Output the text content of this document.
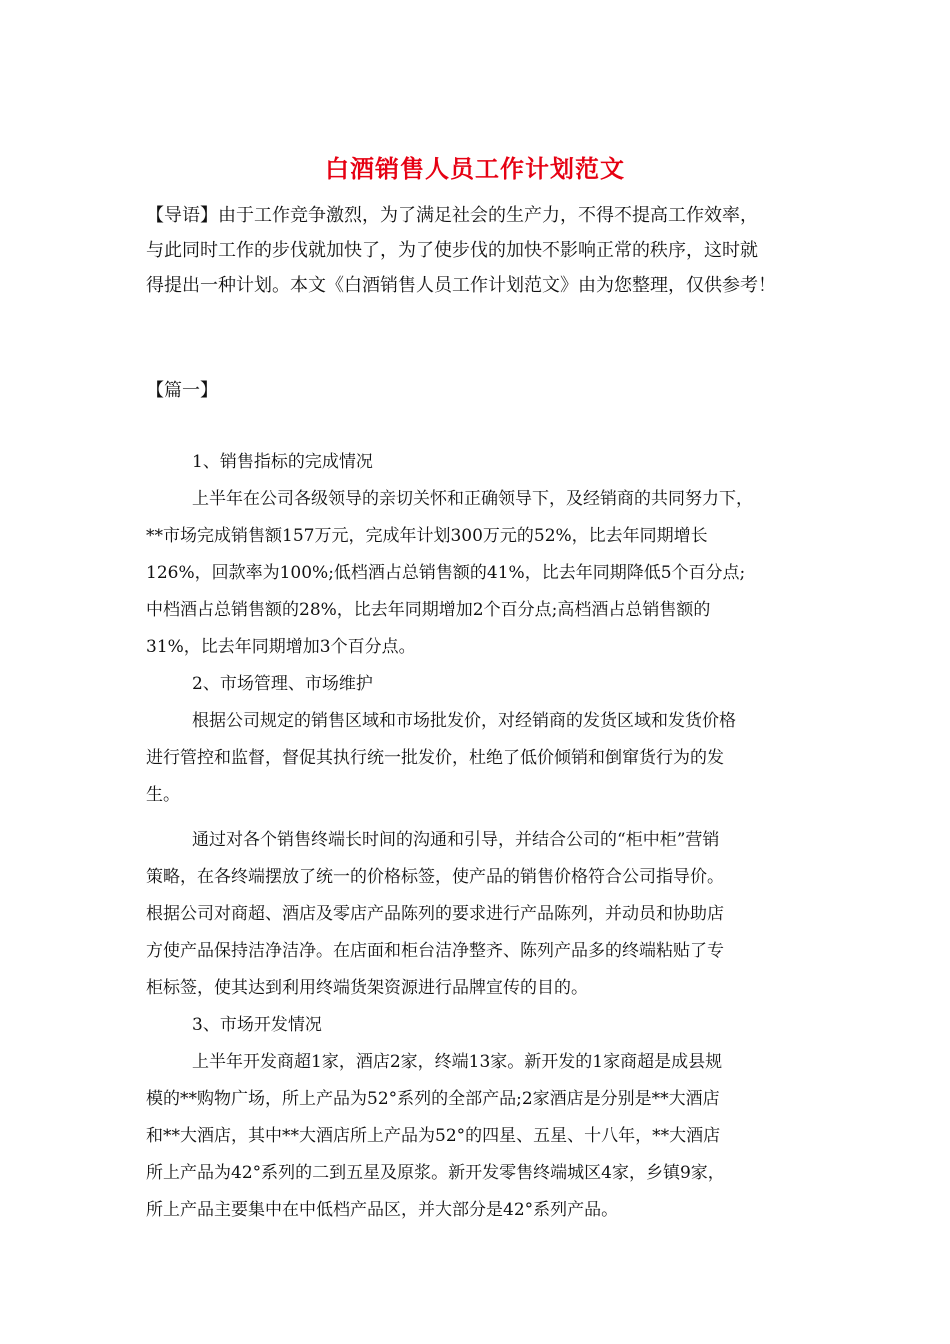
白酒销售人员工作计划范文

【导语】由于工作竞争激烈，为了满足社会的生产力，不得不提高工作效率，

与此同时工作的步伐就加快了，为了使步伐的加快不影响正常的秩序，这时就

得提出一种计划。本文《白酒销售人员工作计划范文》由为您整理，仅供参考！

【篇一】

1、销售指标的完成情况

上半年在公司各级领导的亲切关怀和正确领导下，及经销商的共同努力下，

**市场完成销售额157万元，完成年计划300万元的52%，比去年同期增长

126%，回款率为100%;低档酒占总销售额的41%，比去年同期降低5个百分点;

中档酒占总销售额的28%，比去年同期增加2个百分点;高档酒占总销售额的

31%，比去年同期增加3个百分点。

2、市场管理、市场维护

根据公司规定的销售区域和市场批发价，对经销商的发货区域和发货价格

进行管控和监督，督促其执行统一批发价，杜绝了低价倾销和倒窜货行为的发

生。

通过对各个销售终端长时间的沟通和引导，并结合公司的“柜中柜”营销

策略，在各终端摆放了统一的价格标签，使产品的销售价格符合公司指导价。

根据公司对商超、酒店及零店产品陈列的要求进行产品陈列，并动员和协助店

方使产品保持洁净洁净。在店面和柜台洁净整齐、陈列产品多的终端粘贴了专

柜标签，使其达到利用终端货架资源进行品牌宣传的目的。

3、市场开发情况

上半年开发商超1家，酒店2家，终端13家。新开发的1家商超是成县规

模的**购物广场，所上产品为52°系列的全部产品;2家酒店是分别是**大酒店

和**大酒店，其中**大酒店所上产品为52°的四星、五星、十八年，**大酒店

所上产品为42°系列的二到五星及原浆。新开发零售终端城区4家，乡镇9家，

所上产品主要集中在中低档产品区，并大部分是42°系列产品。
